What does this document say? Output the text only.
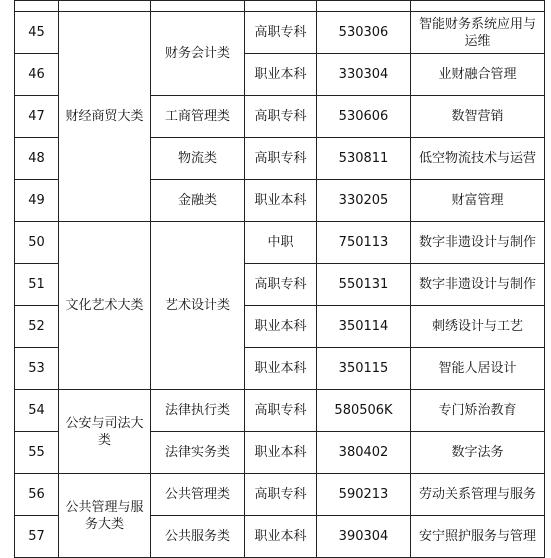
45	财经商贸大类	财务会计类	高职专科	530306	智能财务系统应用与运维
46			职业本科	330304	业财融合管理
47		工商管理类	高职专科	530606	数智营销
48		物流类	高职专科	530811	低空物流技术与运营
49		金融类	职业本科	330205	财富管理
50	文化艺术大类	艺术设计类	中职	750113	数字非遗设计与制作
51			高职专科	550131	数字非遗设计与制作
52			职业本科	350114	刺绣设计与工艺
53			职业本科	350115	智能人居设计
54	公安与司法大类	法律执行类	高职专科	580506K	专门矫治教育
55		法律实务类	职业本科	380402	数字法务
56	公共管理与服务大类	公共管理类	高职专科	590213	劳动关系管理与服务
57		公共服务类	职业本科	390304	安宁照护服务与管理
